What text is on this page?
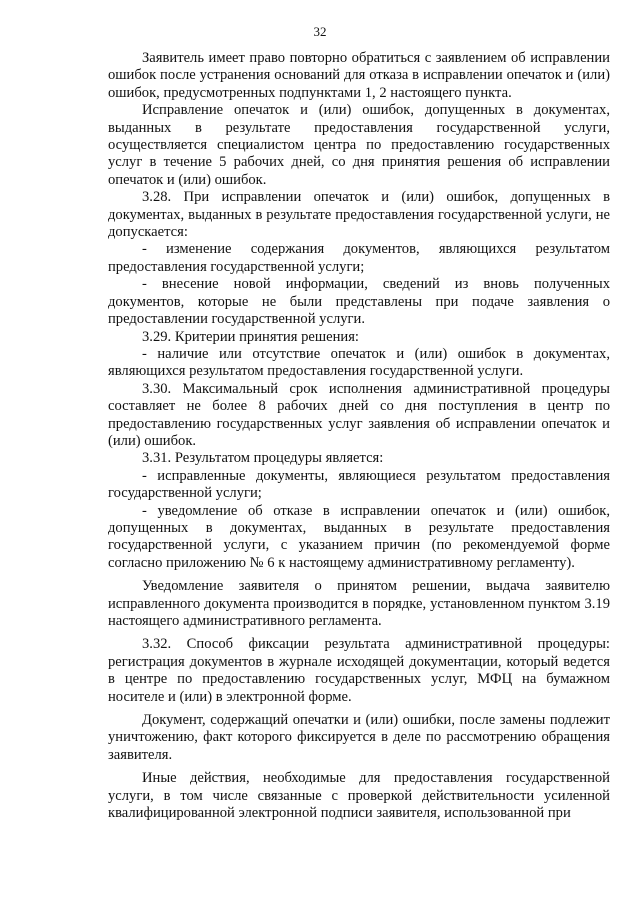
32

Заявитель имеет право повторно обратиться с заявлением об исправлении ошибок после устранения оснований для отказа в исправлении опечаток и (или) ошибок, предусмотренных подпунктами 1, 2 настоящего пункта.

Исправление опечаток и (или) ошибок, допущенных в документах, выданных в результате предоставления государственной услуги, осуществляется специалистом центра по предоставлению государственных услуг в течение 5 рабочих дней, со дня принятия решения об исправлении опечаток и (или) ошибок.

3.28. При исправлении опечаток и (или) ошибок, допущенных в документах, выданных в результате предоставления государственной услуги, не допускается:

- изменение содержания документов, являющихся результатом предоставления государственной услуги;

- внесение новой информации, сведений из вновь полученных документов, которые не были представлены при подаче заявления о предоставлении государственной услуги.

3.29. Критерии принятия решения:

- наличие или отсутствие опечаток и (или) ошибок в документах, являющихся результатом предоставления государственной услуги.

3.30. Максимальный срок исполнения административной процедуры составляет не более 8 рабочих дней со дня поступления в центр по предоставлению государственных услуг заявления об исправлении опечаток и (или) ошибок.

3.31. Результатом процедуры является:

- исправленные документы, являющиеся результатом предоставления государственной услуги;

- уведомление об отказе в исправлении опечаток и (или) ошибок, допущенных в документах, выданных в результате предоставления государственной услуги, с указанием причин (по рекомендуемой форме согласно приложению № 6 к настоящему административному регламенту).

Уведомление заявителя о принятом решении, выдача заявителю исправленного документа производится в порядке, установленном пунктом 3.19 настоящего административного регламента.

3.32. Способ фиксации результата административной процедуры: регистрация документов в журнале исходящей документации, который ведется в центре по предоставлению государственных услуг, МФЦ на бумажном носителе и (или) в электронной форме.

Документ, содержащий опечатки и (или) ошибки, после замены подлежит уничтожению, факт которого фиксируется в деле по рассмотрению обращения заявителя.

Иные действия, необходимые для предоставления государственной услуги, в том числе связанные с проверкой действительности усиленной квалифицированной электронной подписи заявителя, использованной при
